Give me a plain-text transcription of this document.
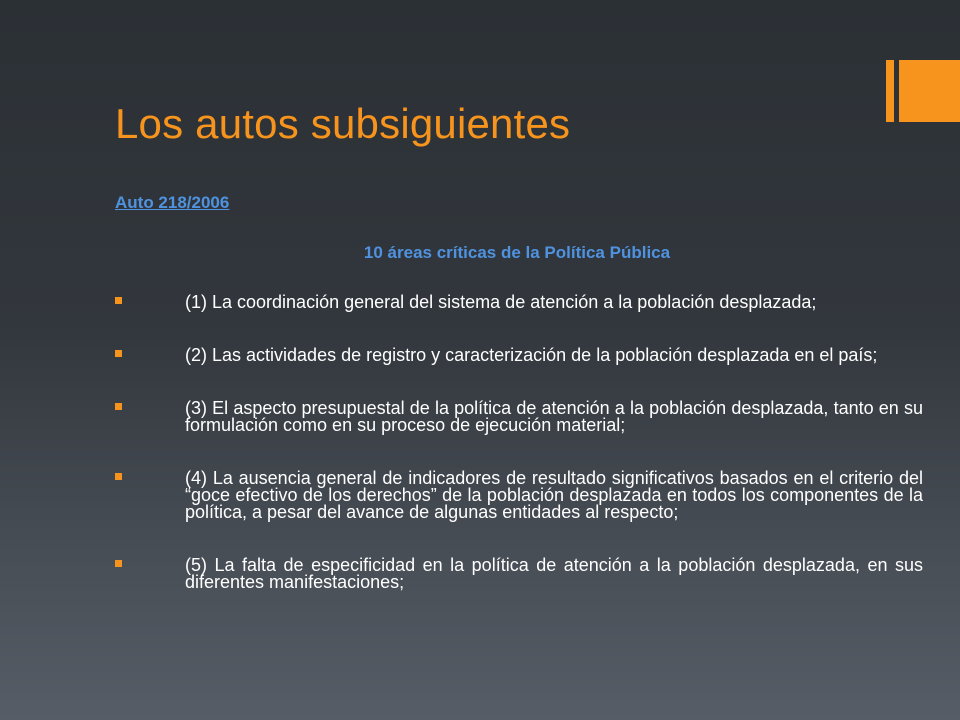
Los autos subsiguientes
Auto 218/2006
10 áreas críticas de la Política Pública
(1) La coordinación general del sistema de atención a la población desplazada;
(2) Las actividades de registro y caracterización de la población desplazada en el país;
(3) El aspecto presupuestal de la política de atención a la población desplazada, tanto en su formulación como en su proceso de ejecución material;
(4) La ausencia general de indicadores de resultado significativos basados en el criterio del “goce efectivo de los derechos” de la población desplazada en todos los componentes de la política, a pesar del avance de algunas entidades al respecto;
(5) La falta de especificidad en la política de atención a la población desplazada, en sus diferentes manifestaciones;
